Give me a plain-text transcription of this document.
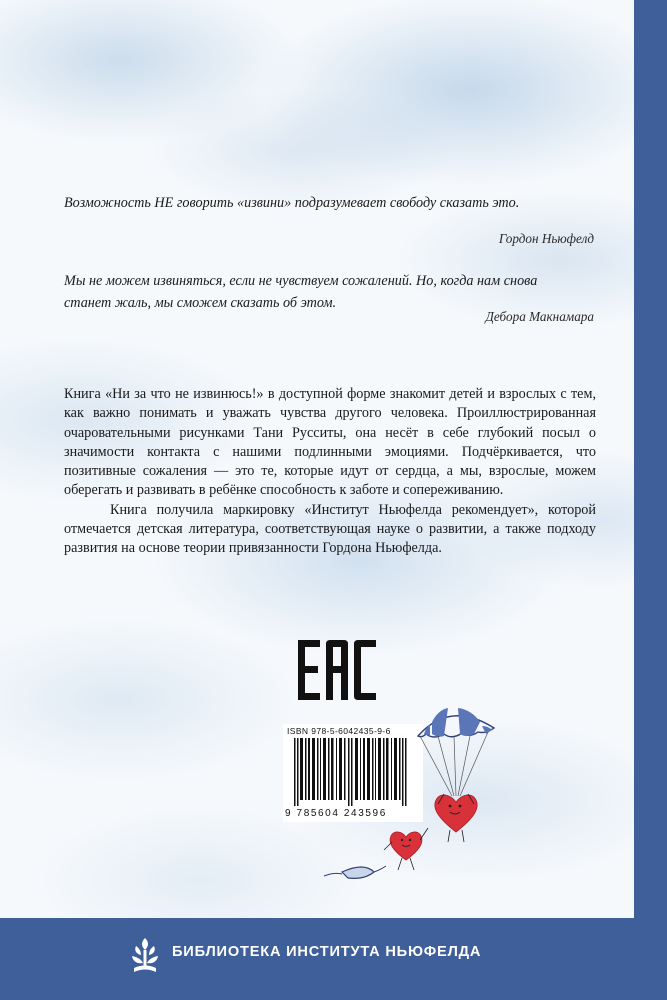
Возможность НЕ говорить «извини» подразумевает свободу сказать это.
Гордон Ньюфелд
Мы не можем извиняться, если не чувствуем сожалений. Но, когда нам снова станет жаль, мы сможем сказать об этом.
Дебора Макнамара

Книга «Ни за что не извинюсь!» в доступной форме знакомит детей и взрослых с тем, как важно понимать и уважать чувства другого человека. Проиллюстрированная очаровательными рисунками Тани Русситы, она несёт в себе глубокий посыл о значимости контакта с нашими подлинными эмоциями. Подчёркивается, что позитивные сожаления — это те, которые идут от сердца, а мы, взрослые, можем оберегать и развивать в ребёнке способность к заботе и сопереживанию.

Книга получила маркировку «Институт Ньюфелда рекомендует», которой отмечается детская литература, соответствующая науке о развитии, а также подходу развития на основе теории привязанности Гордона Ньюфелда.

ISBN 978-5-6042435-9-6
9 785604 243596
БИБЛИОТЕКА ИНСТИТУТА НЬЮФЕЛДА
